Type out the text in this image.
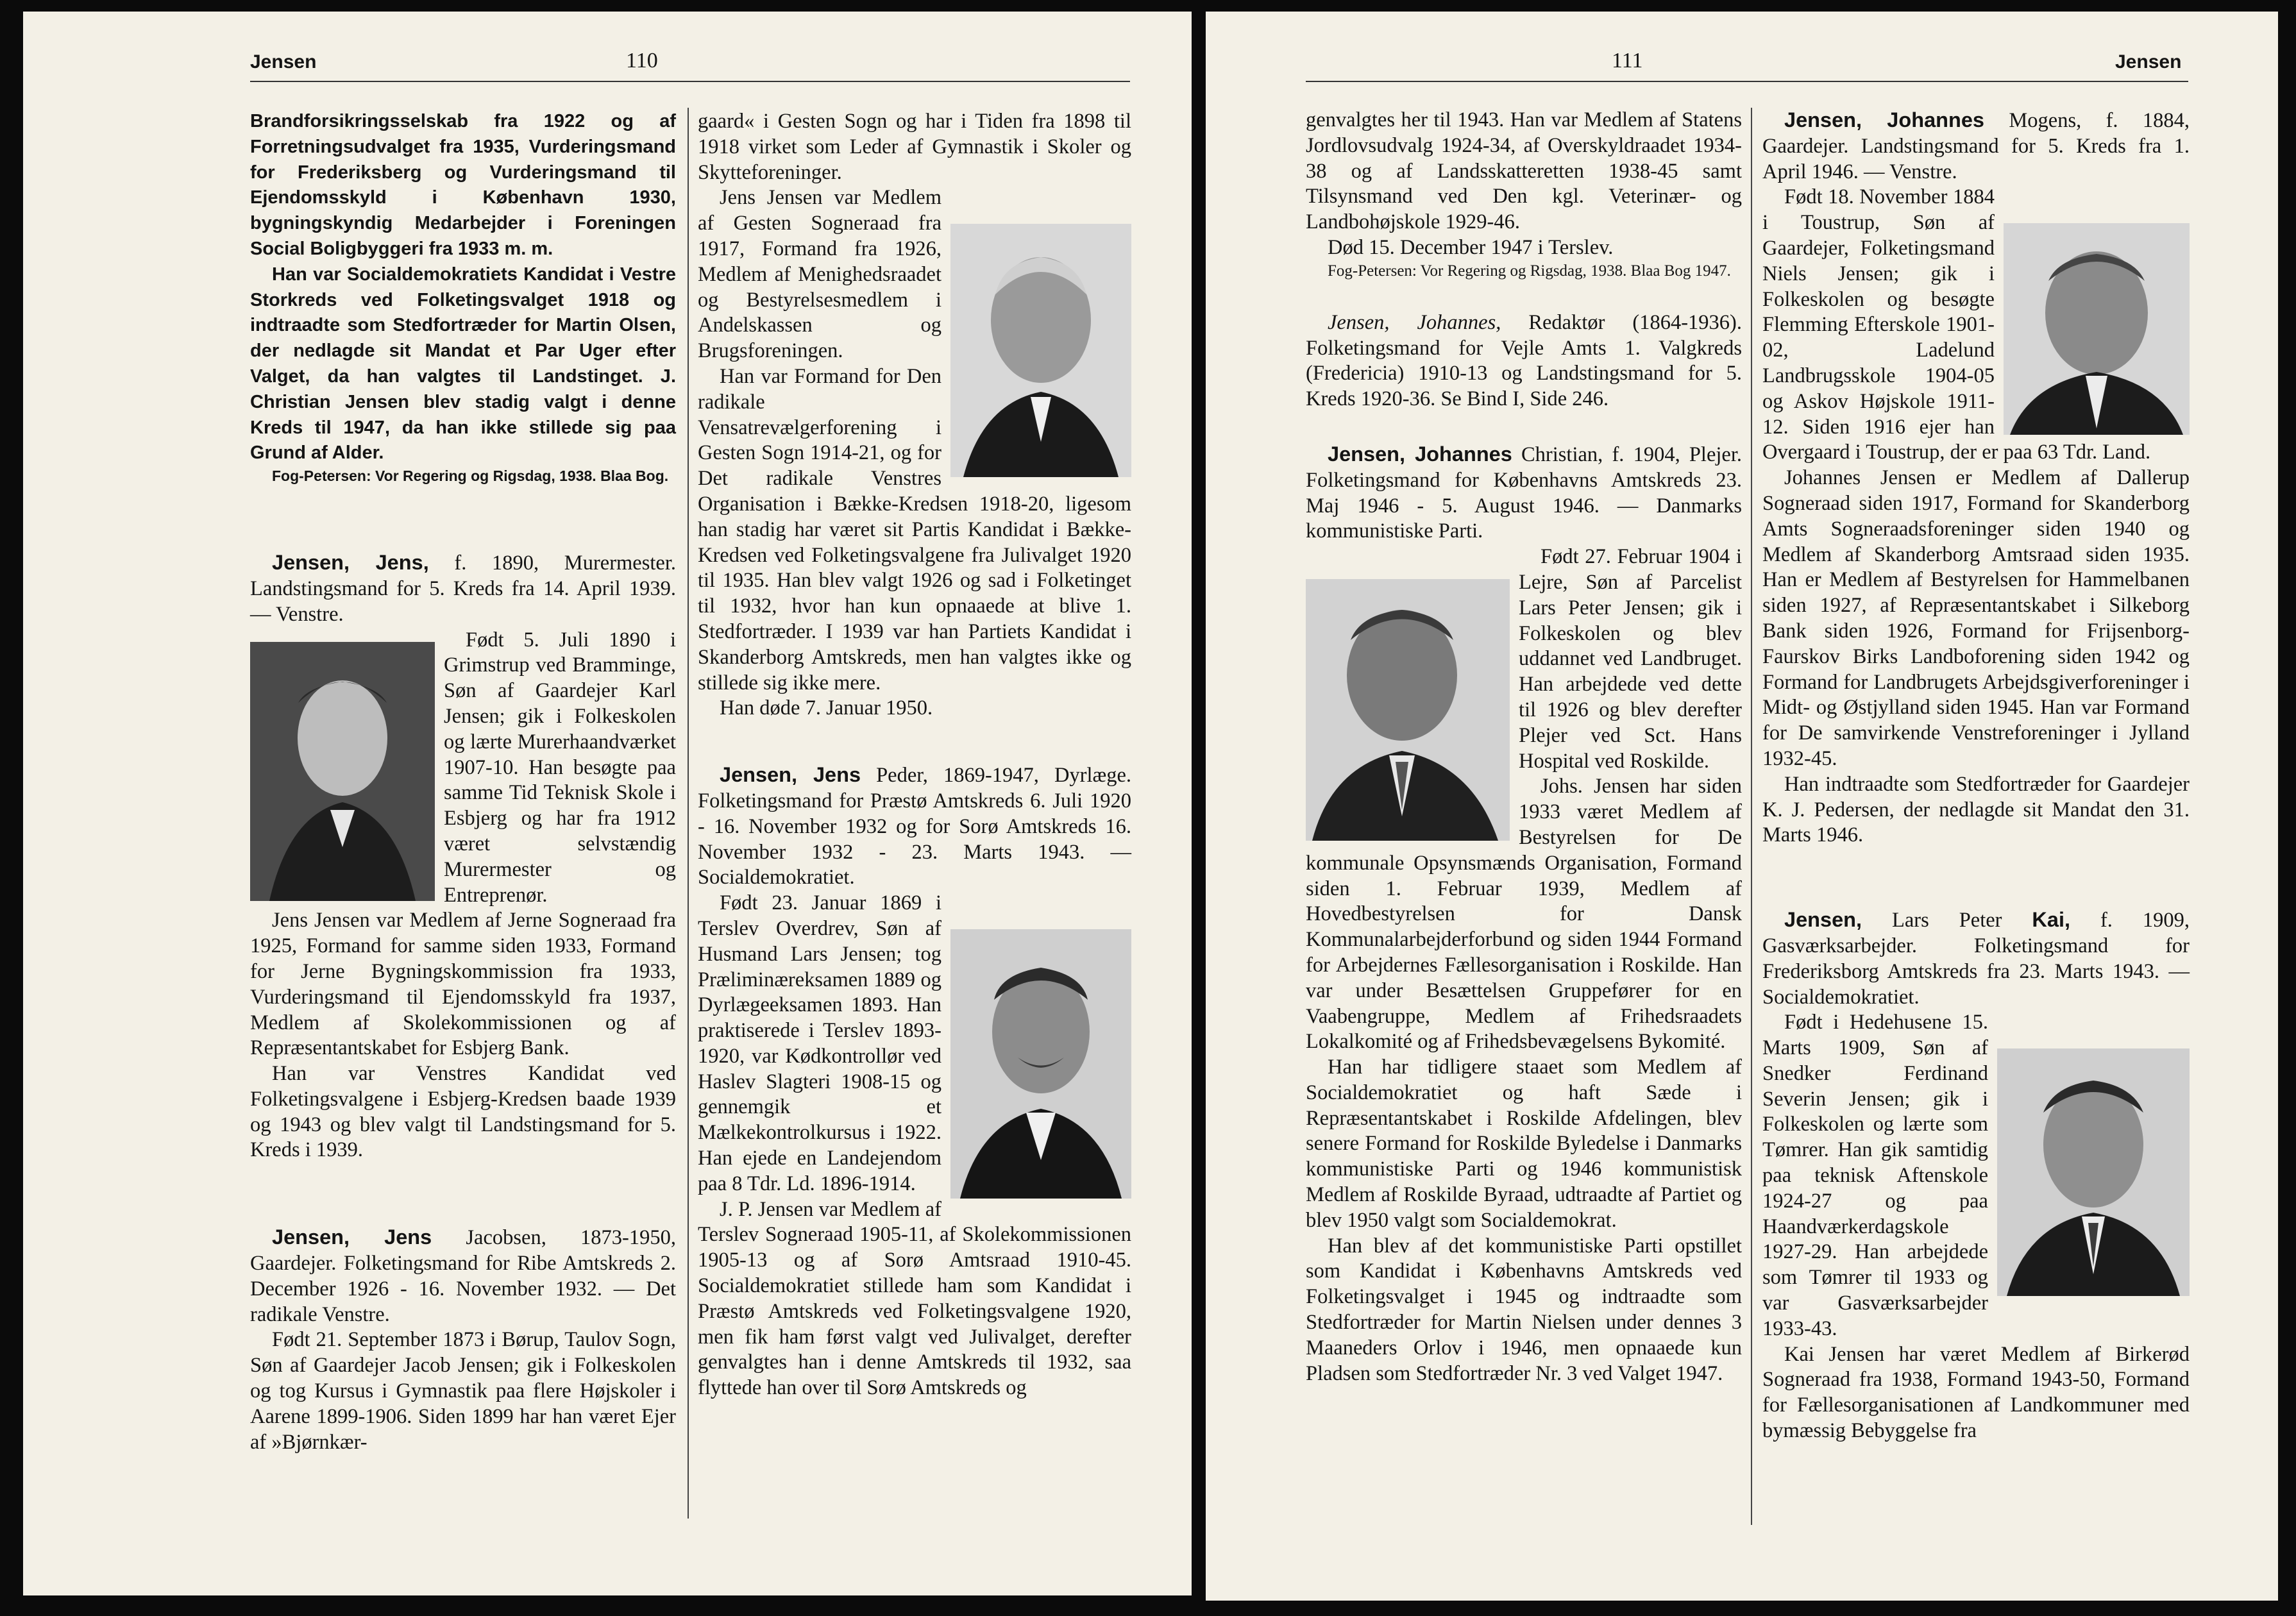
Jensen	110

Brandforsikringsselskab fra 1922 og af Forretningsudvalget fra 1935, Vurderingsmand for Frederiksberg og Vurderingsmand til Ejendomsskyld i København 1930, bygningskyndig Medarbejder i Foreningen Social Boligbyggeri fra 1933 m. m.

Han var Socialdemokratiets Kandidat i Vestre Storkreds ved Folketingsvalget 1918 og indtraadte som Stedfortræder for Martin Olsen, der nedlagde sit Mandat et Par Uger efter Valget, da han valgtes til Landstinget. J. Christian Jensen blev stadig valgt i denne Kreds til 1947, da han ikke stillede sig paa Grund af Alder.

Fog-Petersen: Vor Regering og Rigsdag, 1938. Blaa Bog.

Jensen, Jens, f. 1890, Murermester. Landstingsmand for 5. Kreds fra 14. April 1939. — Venstre.

Født 5. Juli 1890 i Grimstrup ved Bramminge, Søn af Gaardejer Karl Jensen; gik i Folkeskolen og lærte Murerhaandværket 1907-10. Han besøgte paa samme Tid Teknisk Skole i Esbjerg og har fra 1912 været selvstændig Murermester og Entreprenør.

Jens Jensen var Medlem af Jerne Sogneraad fra 1925, Formand for samme siden 1933, Formand for Jerne Bygningskommission fra 1933, Vurderingsmand til Ejendomsskyld fra 1937, Medlem af Skolekommissionen og af Repræsentantskabet for Esbjerg Bank.

Han var Venstres Kandidat ved Folketingsvalgene i Esbjerg-Kredsen baade 1939 og 1943 og blev valgt til Landstingsmand for 5. Kreds i 1939.

Jensen, Jens Jacobsen, 1873-1950, Gaardejer. Folketingsmand for Ribe Amtskreds 2. December 1926 - 16. November 1932. — Det radikale Venstre.

Født 21. September 1873 i Børup, Taulov Sogn, Søn af Gaardejer Jacob Jensen; gik i Folkeskolen og tog Kursus i Gymnastik paa flere Højskoler i Aarene 1899-1906. Siden 1899 har han været Ejer af »Bjørnkær-

gaard« i Gesten Sogn og har i Tiden fra 1898 til 1918 virket som Leder af Gymnastik i Skoler og Skytteforeninger.

Jens Jensen var Medlem af Gesten Sogneraad fra 1917, Formand fra 1926, Medlem af Menighedsraadet og Bestyrelsesmedlem i Andelskassen og Brugsforeningen.

Han var Formand for Den radikale Vensatrevælgerforening i Gesten Sogn 1914-21, og for Det radikale Venstres Organisation i Bække-Kredsen 1918-20, ligesom han stadig har været sit Partis Kandidat i Bække-Kredsen ved Folketingsvalgene fra Julivalget 1920 til 1935. Han blev valgt 1926 og sad i Folketinget til 1932, hvor han kun opnaaede at blive 1. Stedfortræder. I 1939 var han Partiets Kandidat i Skanderborg Amtskreds, men han valgtes ikke og stillede sig ikke mere.

Han døde 7. Januar 1950.

Jensen, Jens Peder, 1869-1947, Dyrlæge. Folketingsmand for Præstø Amtskreds 6. Juli 1920 - 16. November 1932 og for Sorø Amtskreds 16. November 1932 - 23. Marts 1943. — Socialdemokratiet.

Født 23. Januar 1869 i Terslev Overdrev, Søn af Husmand Lars Jensen; tog Præliminæreksamen 1889 og Dyrlægeeksamen 1893. Han praktiserede i Terslev 1893-1920, var Kødkontrollør ved Haslev Slagteri 1908-15 og gennemgik et Mælkekontrolkursus i 1922. Han ejede en Landejendom paa 8 Tdr. Ld. 1896-1914.

J. P. Jensen var Medlem af Terslev Sogneraad 1905-11, af Skolekommissionen 1905-13 og af Sorø Amtsraad 1910-45. Socialdemokratiet stillede ham som Kandidat i Præstø Amtskreds ved Folketingsvalgene 1920, men fik ham først valgt ved Julivalget, derefter genvalgtes han i denne Amtskreds til 1932, saa flyttede han over til Sorø Amtskreds og

111	Jensen

genvalgtes her til 1943. Han var Medlem af Statens Jordlovsudvalg 1924-34, af Overskyldraadet 1934-38 og af Landsskatteretten 1938-45 samt Tilsynsmand ved Den kgl. Veterinær- og Landbohøjskole 1929-46.

Død 15. December 1947 i Terslev.

Fog-Petersen: Vor Regering og Rigsdag, 1938. Blaa Bog 1947.

Jensen, Johannes, Redaktør (1864-1936). Folketingsmand for Vejle Amts 1. Valgkreds (Fredericia) 1910-13 og Landstingsmand for 5. Kreds 1920-36. Se Bind I, Side 246.

Jensen, Johannes Christian, f. 1904, Plejer. Folketingsmand for Københavns Amtskreds 23. Maj 1946 - 5. August 1946. — Danmarks kommunistiske Parti.

Født 27. Februar 1904 i Lejre, Søn af Parcelist Lars Peter Jensen; gik i Folkeskolen og blev uddannet ved Landbruget. Han arbejdede ved dette til 1926 og blev derefter Plejer ved Sct. Hans Hospital ved Roskilde.

Johs. Jensen har siden 1933 været Medlem af Bestyrelsen for De kommunale Opsynsmænds Organisation, Formand siden 1. Februar 1939, Medlem af Hovedbestyrelsen for Dansk Kommunalarbejderforbund og siden 1944 Formand for Arbejdernes Fællesorganisation i Roskilde. Han var under Besættelsen Gruppefører for en Vaabengruppe, Medlem af Frihedsraadets Lokalkomité og af Frihedsbevægelsens Bykomité.

Han har tidligere staaet som Medlem af Socialdemokratiet og haft Sæde i Repræsentantskabet i Roskilde Afdelingen, blev senere Formand for Roskilde Byledelse i Danmarks kommunistiske Parti og 1946 kommunistisk Medlem af Roskilde Byraad, udtraadte af Partiet og blev 1950 valgt som Socialdemokrat.

Han blev af det kommunistiske Parti opstillet som Kandidat i Københavns Amtskreds ved Folketingsvalget i 1945 og indtraadte som Stedfortræder for Martin Nielsen under dennes 3 Maaneders Orlov i 1946, men opnaaede kun Pladsen som Stedfortræder Nr. 3 ved Valget 1947.

Jensen, Johannes Mogens, f. 1884, Gaardejer. Landstingsmand for 5. Kreds fra 1. April 1946. — Venstre.

Født 18. November 1884 i Toustrup, Søn af Gaardejer, Folketingsmand Niels Jensen; gik i Folkeskolen og besøgte Flemming Efterskole 1901-02, Ladelund Landbrugsskole 1904-05 og Askov Højskole 1911-12. Siden 1916 ejer han Overgaard i Toustrup, der er paa 63 Tdr. Land.

Johannes Jensen er Medlem af Dallerup Sogneraad siden 1917, Formand for Skanderborg Amts Sogneraadsforeninger siden 1940 og Medlem af Skanderborg Amtsraad siden 1935. Han er Medlem af Bestyrelsen for Hammelbanen siden 1927, af Repræsentantskabet i Silkeborg Bank siden 1926, Formand for Frijsenborg-Faurskov Birks Landboforening siden 1942 og Formand for Landbrugets Arbejdsgiverforeninger i Midt- og Østjylland siden 1945. Han var Formand for De samvirkende Venstreforeninger i Jylland 1932-45.

Han indtraadte som Stedfortræder for Gaardejer K. J. Pedersen, der nedlagde sit Mandat den 31. Marts 1946.

Jensen, Lars Peter Kai, f. 1909, Gasværksarbejder. Folketingsmand for Frederiksborg Amtskreds fra 23. Marts 1943. — Socialdemokratiet.

Født i Hedehusene 15. Marts 1909, Søn af Snedker Ferdinand Severin Jensen; gik i Folkeskolen og lærte som Tømrer. Han gik samtidig paa teknisk Aftenskole 1924-27 og paa Haandværkerdagskole 1927-29. Han arbejdede som Tømrer til 1933 og var Gasværksarbejder 1933-43.

Kai Jensen har været Medlem af Birkerød Sogneraad fra 1938, Formand 1943-50, Formand for Fællesorganisationen af Landkommuner med bymæssig Bebyggelse fra
